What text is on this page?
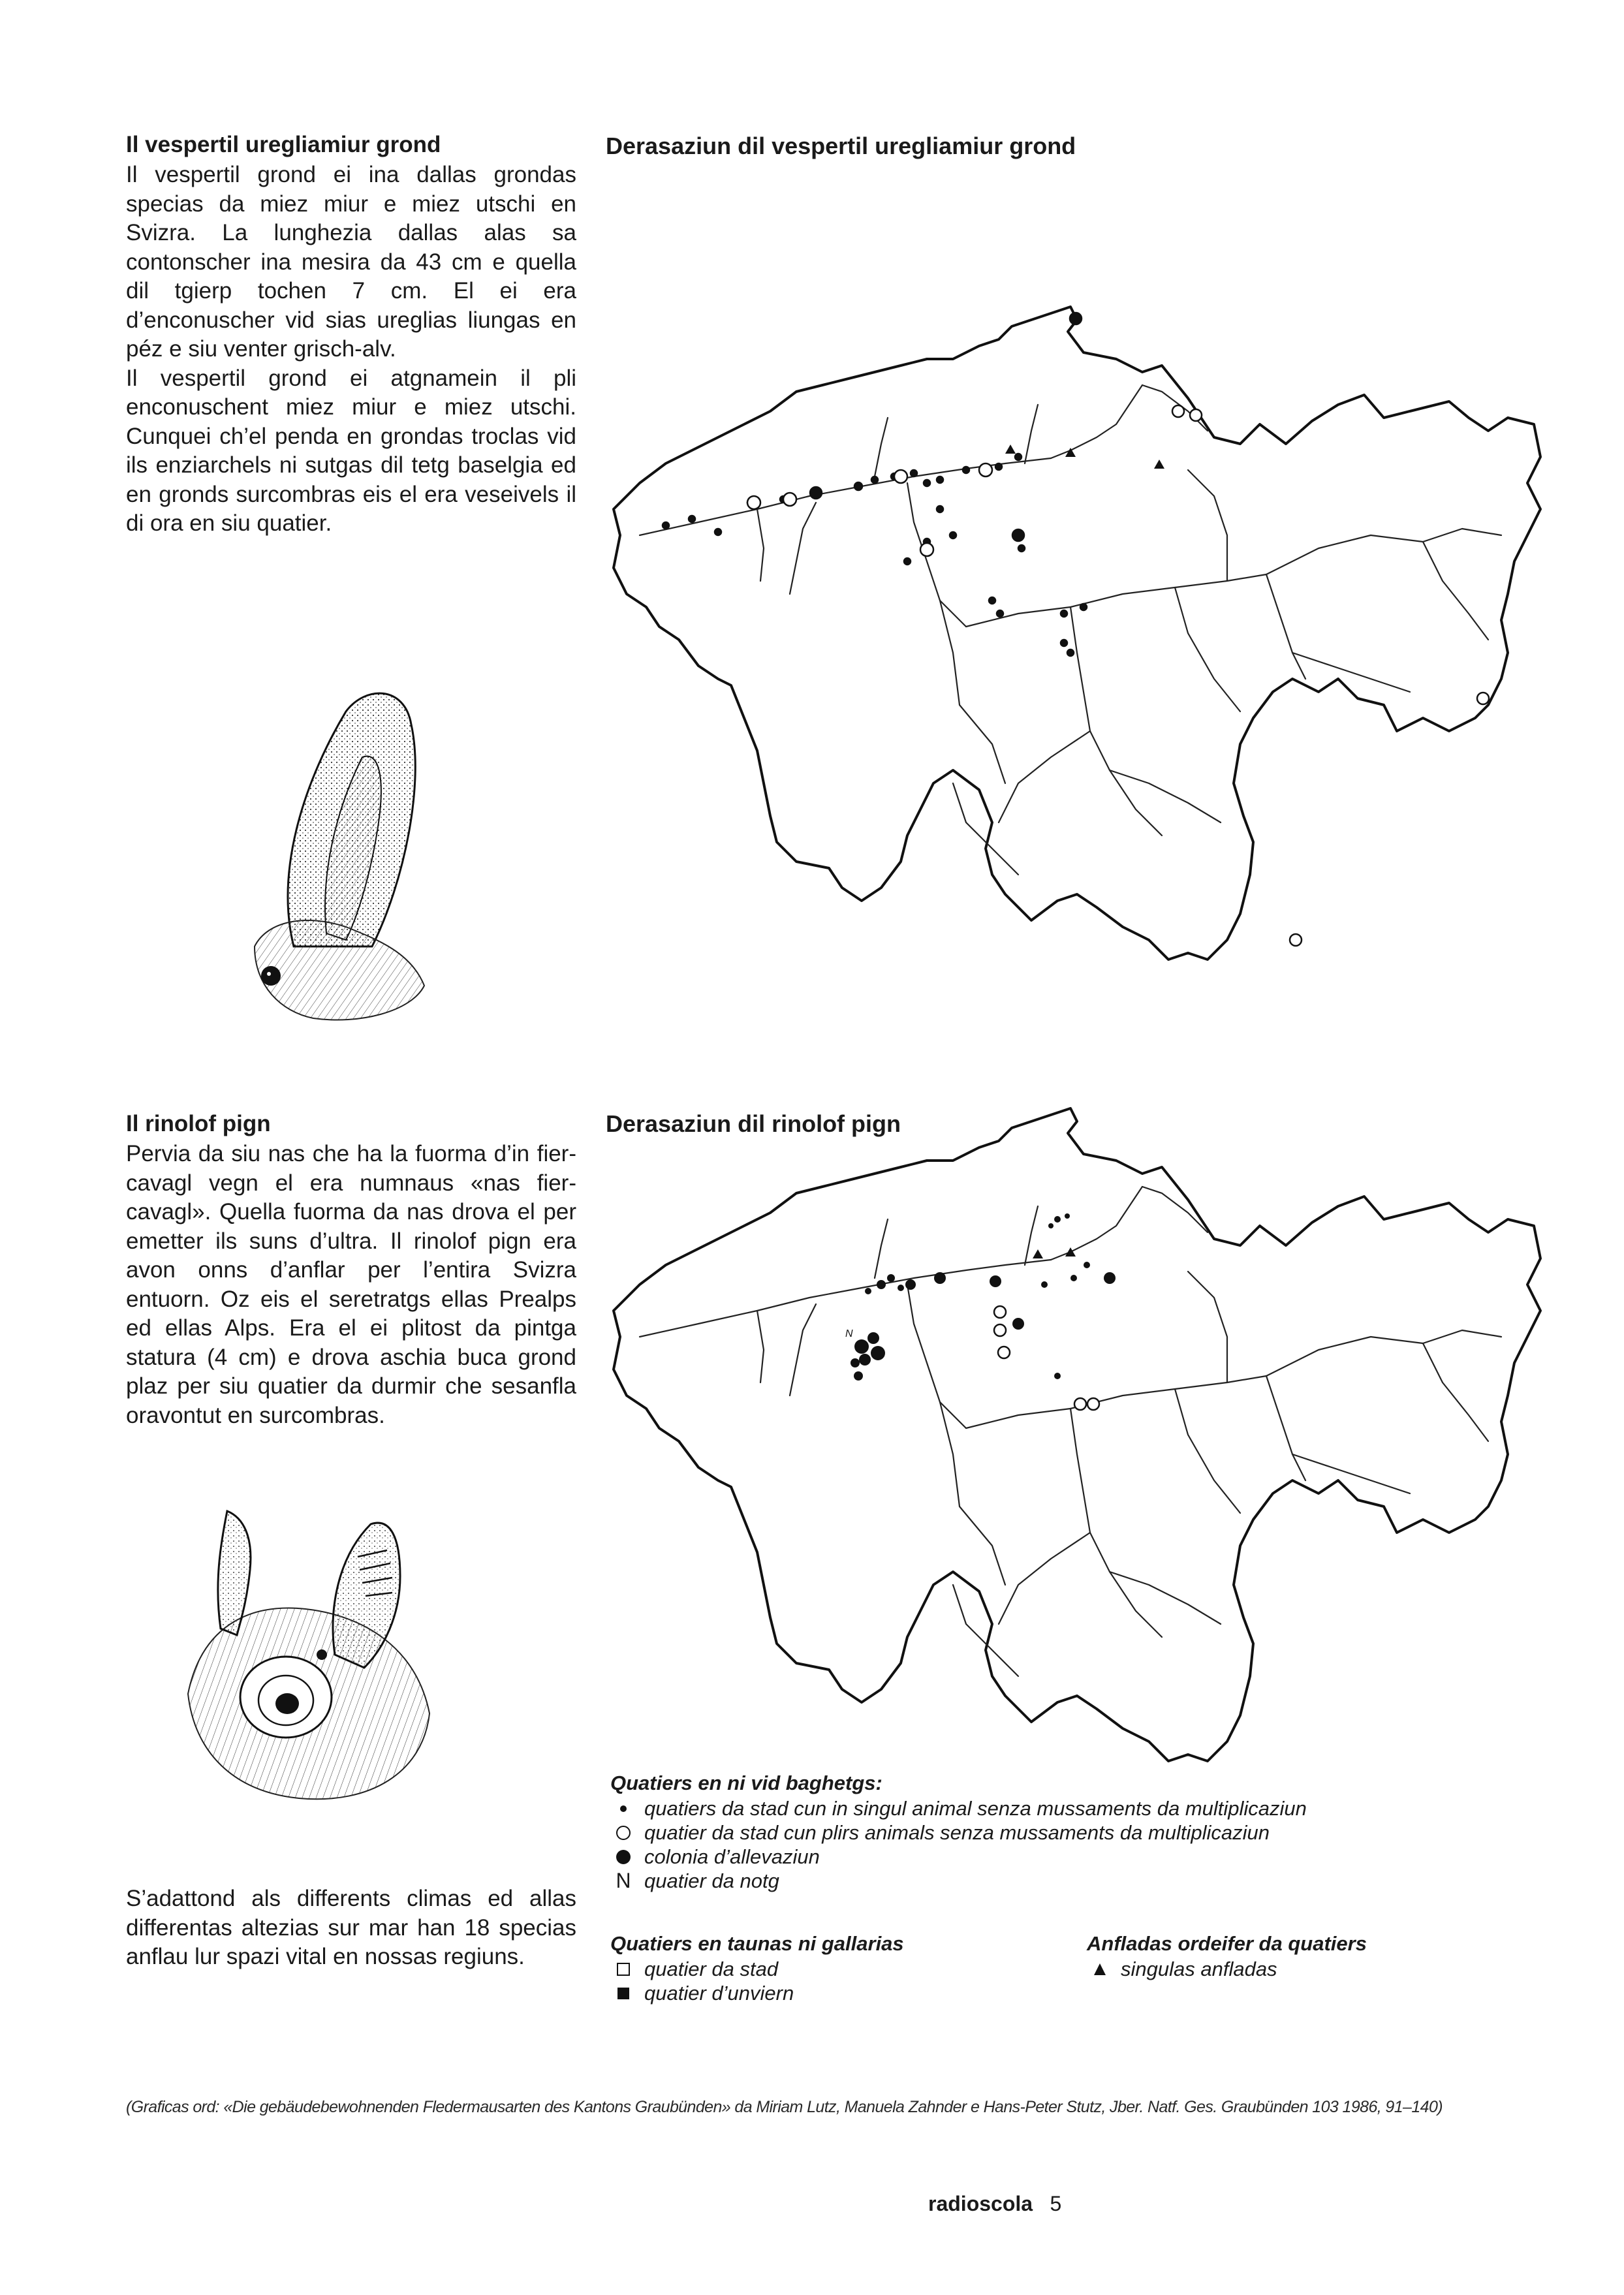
Il vespertil uregliamiur grond

Il vespertil grond ei ina dallas grondas specias da miez miur e miez utschi en Svizra. La lunghezia dallas alas sa contonscher ina mesira da 43 cm e quella dil tgierp tochen 7 cm. El ei era d’enconuscher vid sias ureglias liungas en péz e siu venter grisch-alv.

Il vespertil grond ei atgnamein il pli enconuschent miez miur e miez utschi. Cunquei ch’el penda en grondas troclas vid ils enziarchels ni sutgas dil tetg baselgia ed en gronds surcombras eis el era veseivels il di ora en siu quatier.

Derasaziun dil vespertil uregliamiur grond
Il rinolof pign

Pervia da siu nas che ha la fuorma d’in fier-cavagl vegn el era numnaus «nas fier-cavagl». Quella fuorma da nas drova el per emetter ils suns d’ultra. Il rinolof pign era avon onns d’anflar per l’entira Svizra entuorn. Oz eis el seretratgs ellas Prealps ed ellas Alps. Era el ei plitost da pintga statura (4 cm) e drova aschia buca grond plaz per siu quatier da durmir che sesanfla oravontut en surcombras.

Derasaziun dil rinolof pign
N
S’adattond als differents climas ed allas differentas altezias sur mar han 18 specias anflau lur spazi vital en nossas regiuns.
Quatiers en ni vid baghetgs:
quatiers da stad cun in singul animal senza mussaments da multiplicaziun
quatier da stad cun plirs animals senza mussaments da multiplicaziun
colonia d’allevaziun
N quatier da notg
Quatiers en taunas ni gallarias
quatier da stad
quatier d’unviern
Anfladas ordeifer da quatiers
singulas anfladas
(Graficas ord: «Die gebäudebewohnenden Fledermausarten des Kantons Graubünden» da Miriam Lutz, Manuela Zahnder e Hans-Peter Stutz, Jber. Natf. Ges. Graubünden 103 1986, 91–140)
radioscola 5
